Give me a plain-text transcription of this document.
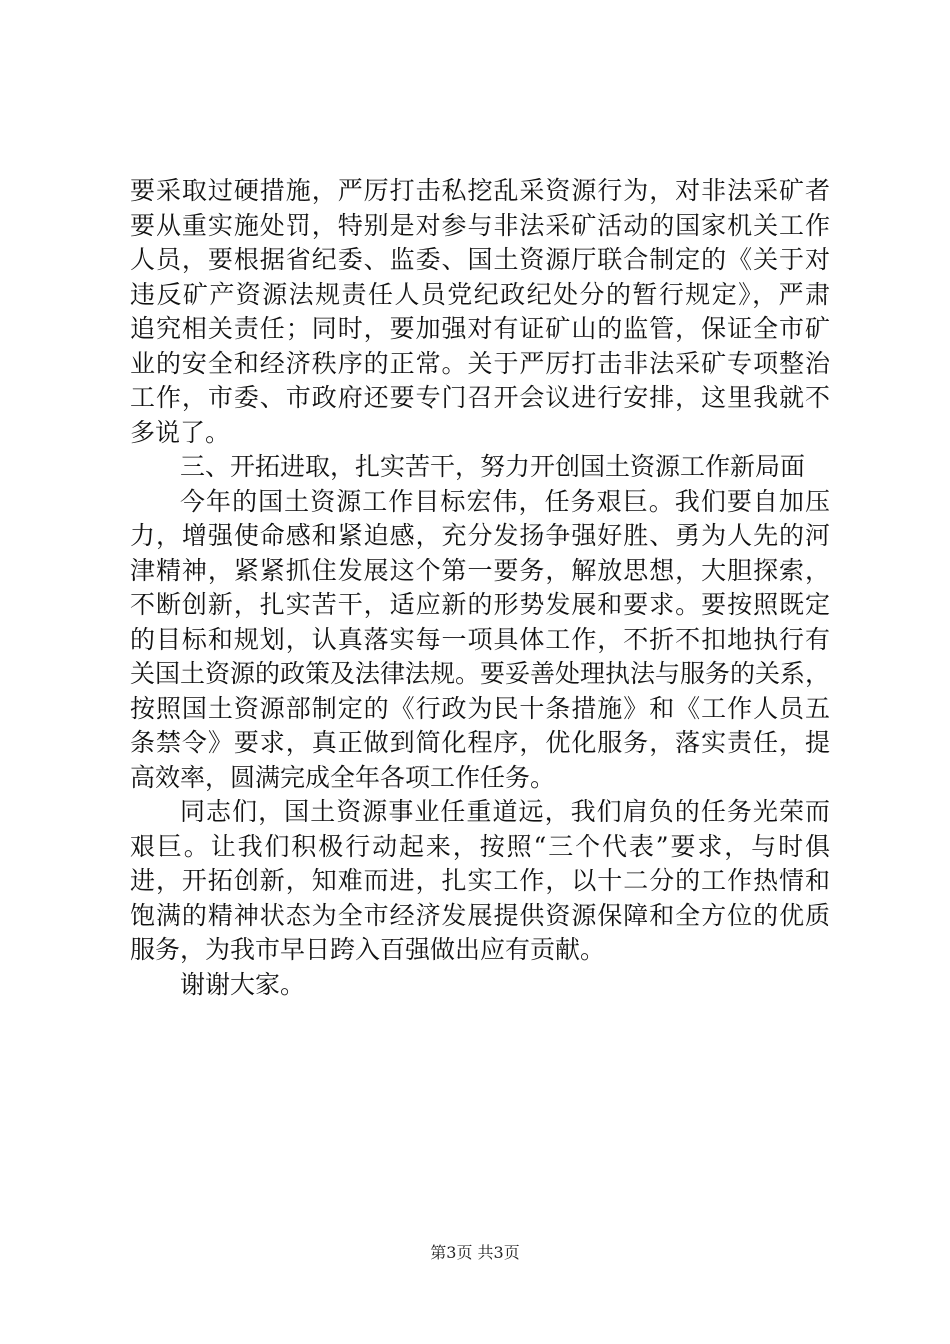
要采取过硬措施，严厉打击私挖乱采资源行为，对非法采矿者
要从重实施处罚，特别是对参与非法采矿活动的国家机关工作
人员，要根据省纪委、监委、国土资源厅联合制定的《关于对
违反矿产资源法规责任人员党纪政纪处分的暂行规定》，严肃
追究相关责任；同时，要加强对有证矿山的监管，保证全市矿
业的安全和经济秩序的正常。关于严厉打击非法采矿专项整治
工作，市委、市政府还要专门召开会议进行安排，这里我就不
多说了。
三、开拓进取，扎实苦干，努力开创国土资源工作新局面
今年的国土资源工作目标宏伟，任务艰巨。我们要自加压
力，增强使命感和紧迫感，充分发扬争强好胜、勇为人先的河
津精神，紧紧抓住发展这个第一要务，解放思想，大胆探索，
不断创新，扎实苦干，适应新的形势发展和要求。要按照既定
的目标和规划，认真落实每一项具体工作，不折不扣地执行有
关国土资源的政策及法律法规。要妥善处理执法与服务的关系，
按照国土资源部制定的《行政为民十条措施》和《工作人员五
条禁令》要求，真正做到简化程序，优化服务，落实责任，提
高效率，圆满完成全年各项工作任务。
同志们，国土资源事业任重道远，我们肩负的任务光荣而
艰巨。让我们积极行动起来，按照“三个代表”要求，与时俱
进，开拓创新，知难而进，扎实工作，以十二分的工作热情和
饱满的精神状态为全市经济发展提供资源保障和全方位的优质
服务，为我市早日跨入百强做出应有贡献。
谢谢大家。
第3页 共3页
